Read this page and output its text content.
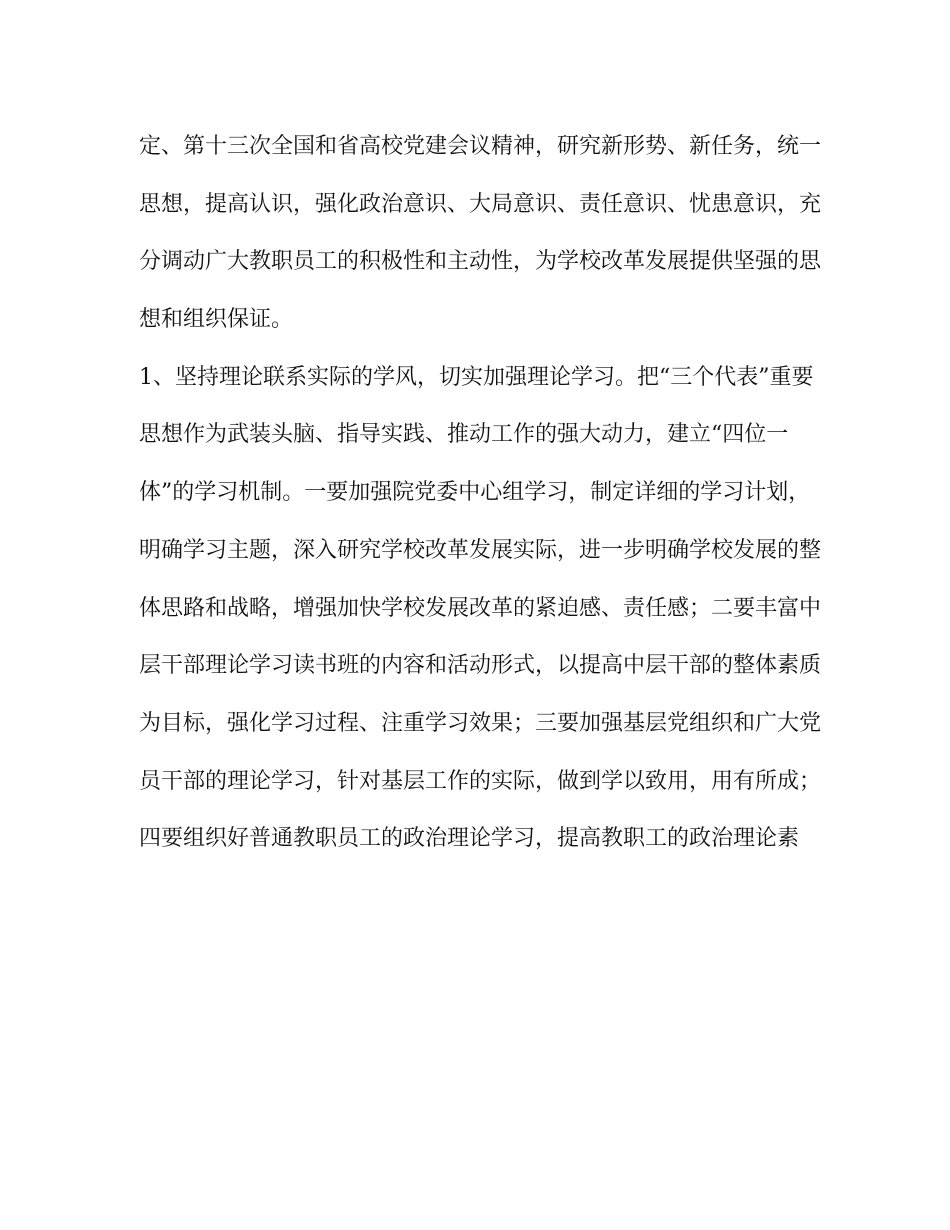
定、第十三次全国和省高校党建会议精神，研究新形势、新任务，统一
思想，提高认识，强化政治意识、大局意识、责任意识、忧患意识，充
分调动广大教职员工的积极性和主动性，为学校改革发展提供坚强的思
想和组织保证。
1、坚持理论联系实际的学风，切实加强理论学习。把“三个代表”重要
思想作为武装头脑、指导实践、推动工作的强大动力，建立“四位一
体”的学习机制。一要加强院党委中心组学习，制定详细的学习计划，
明确学习主题，深入研究学校改革发展实际，进一步明确学校发展的整
体思路和战略，增强加快学校发展改革的紧迫感、责任感；二要丰富中
层干部理论学习读书班的内容和活动形式，以提高中层干部的整体素质
为目标，强化学习过程、注重学习效果；三要加强基层党组织和广大党
员干部的理论学习，针对基层工作的实际，做到学以致用，用有所成；
四要组织好普通教职员工的政治理论学习，提高教职工的政治理论素
